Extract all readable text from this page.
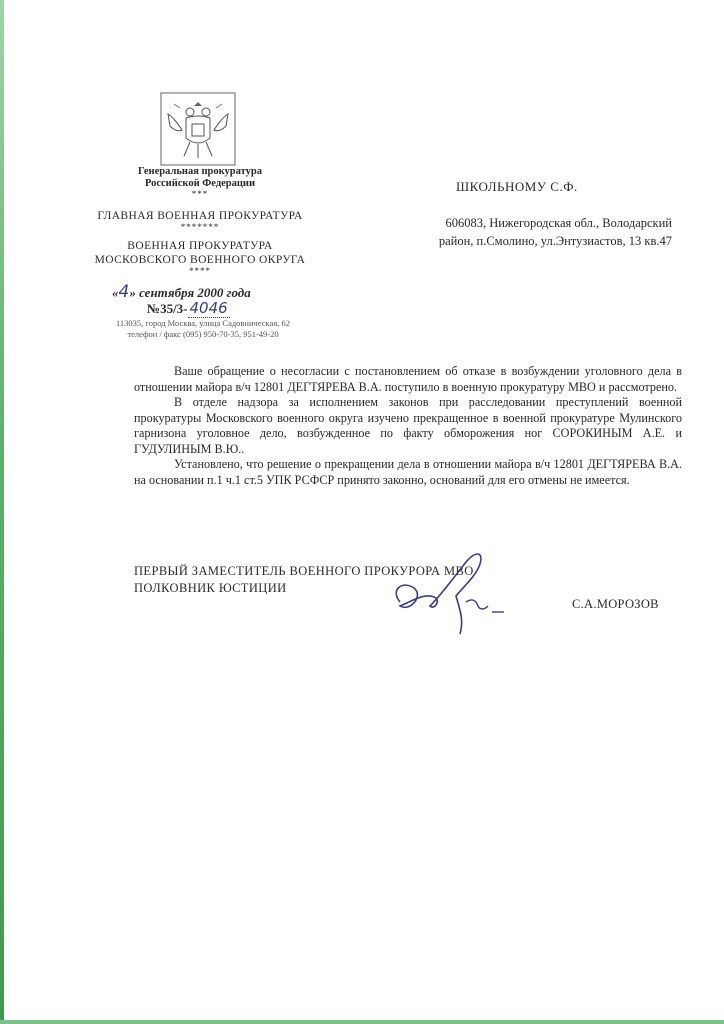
Генеральная прокуратура
Российской Федерации
***
ГЛАВНАЯ ВОЕННАЯ ПРОКУРАТУРА
*******
ВОЕННАЯ ПРОКУРАТУРА
МОСКОВСКОГО ВОЕННОГО ОКРУГА
****
«4» сентября 2000 года
№35/3- 4046
113035, город Москва, улица Садовническая, 62
телефон / факс (095) 950-70-35, 951-49-20
ШКОЛЬНОМУ С.Ф.
606083, Нижегородская обл., Володарский
район, п.Смолино, ул.Энтузиастов, 13 кв.47

Ваше обращение о несогласии с постановлением об отказе в возбуждении уголовного дела в отношении майора в/ч 12801 ДЕГТЯРЕВА В.А. поступило в военную прокуратуру МВО и рассмотрено.

В отделе надзора за исполнением законов при расследовании преступлений военной прокуратуры Московского военного округа изучено прекращенное в военной прокуратуре Мулинского гарнизона уголовное дело, возбужденное по факту обморожения ног СОРОКИНЫМ А.Е. и ГУДУЛИНЫМ В.Ю..

Установлено, что решение о прекращении дела в отношении майора в/ч 12801 ДЕГТЯРЕВА В.А. на основании п.1 ч.1 ст.5 УПК РСФСР принято законно, оснований для его отмены не имеется.

ПЕРВЫЙ ЗАМЕСТИТЕЛЬ ВОЕННОГО ПРОКУРОРА МВО
ПОЛКОВНИК ЮСТИЦИИ
С.А.МОРОЗОВ
